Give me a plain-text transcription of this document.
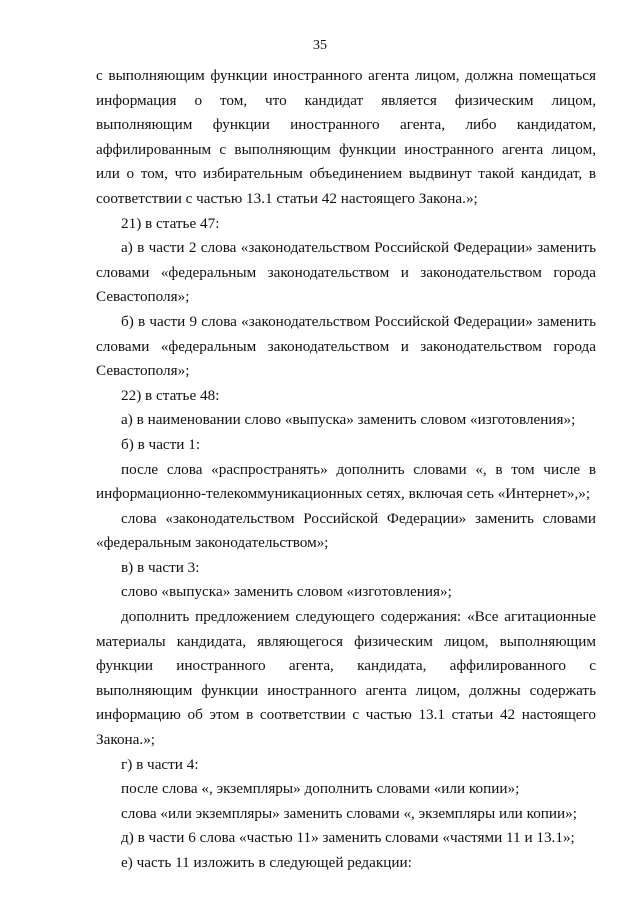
35

с выполняющим функции иностранного агента лицом, должна помещаться информация о том, что кандидат является физическим лицом, выполняющим функции иностранного агента, либо кандидатом, аффилированным с выполняющим функции иностранного агента лицом, или о том, что избирательным объединением выдвинут такой кандидат, в соответствии с частью 13.1 статьи 42 настоящего Закона.»;

21) в статье 47:

а) в части 2 слова «законодательством Российской Федерации» заменить словами «федеральным законодательством и законодательством города Севастополя»;

б) в части 9 слова «законодательством Российской Федерации» заменить словами «федеральным законодательством и законодательством города Севастополя»;

22) в статье 48:

а) в наименовании слово «выпуска» заменить словом «изготовления»;

б) в части 1:

после слова «распространять» дополнить словами «, в том числе в информационно-телекоммуникационных сетях, включая сеть «Интернет»,»;

слова «законодательством Российской Федерации» заменить словами «федеральным законодательством»;

в) в части 3:

слово «выпуска» заменить словом «изготовления»;

дополнить предложением следующего содержания: «Все агитационные материалы кандидата, являющегося физическим лицом, выполняющим функции иностранного агента, кандидата, аффилированного с выполняющим функции иностранного агента лицом, должны содержать информацию об этом в соответствии с частью 13.1 статьи 42 настоящего Закона.»;

г) в части 4:

после слова «, экземпляры» дополнить словами «или копии»;

слова «или экземпляры» заменить словами «, экземпляры или копии»;

д) в части 6 слова «частью 11» заменить словами «частями 11 и 13.1»;

е) часть 11 изложить в следующей редакции:
